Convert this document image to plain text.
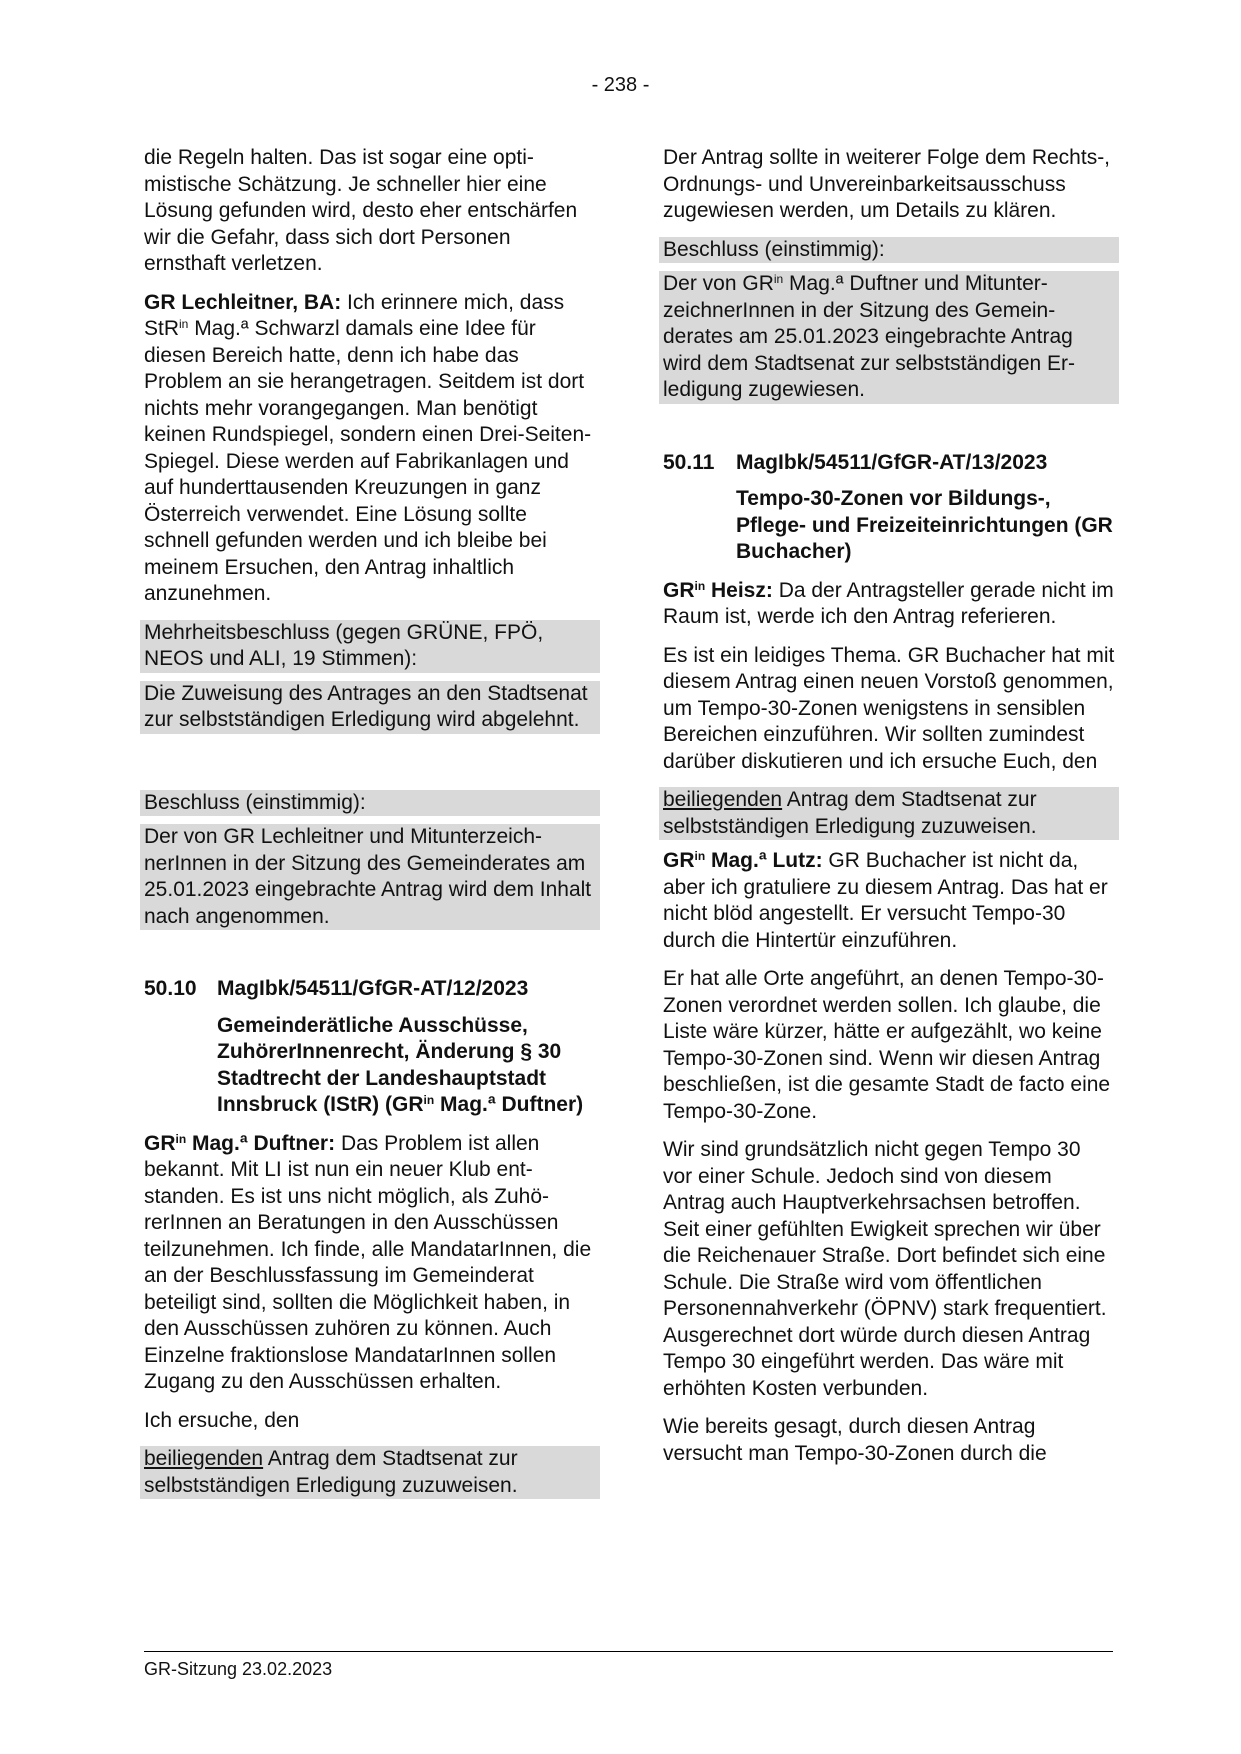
- 238 -

die Regeln halten. Das ist sogar eine optimistische Schätzung. Je schneller hier eine Lösung gefunden wird, desto eher entschärfen wir die Gefahr, dass sich dort Personen ernsthaft verletzen.

GR Lechleitner, BA: Ich erinnere mich, dass StR$^{in}$ Mag.ª Schwarzl damals eine Idee für diesen Bereich hatte, denn ich habe das Problem an sie herangetragen. Seitdem ist dort nichts mehr vorangegangen. Man benötigt keinen Rundspiegel, sondern einen Drei-Seiten-Spiegel. Diese werden auf Fabrikanlagen und auf hunderttausenden Kreuzungen in ganz Österreich verwendet. Eine Lösung sollte schnell gefunden werden und ich bleibe bei meinem Ersuchen, den Antrag inhaltlich anzunehmen.

Mehrheitsbeschluss (gegen GRÜNE, FPÖ, NEOS und ALI, 19 Stimmen):
Die Zuweisung des Antrages an den Stadtsenat zur selbstständigen Erledigung wird abgelehnt.
Beschluss (einstimmig):
Der von GR Lechleitner und MitunterzeichnerInnen in der Sitzung des Gemeinderates am 25.01.2023 eingebrachte Antrag wird dem Inhalt nach angenommen.
50.10 MagIbk/54511/GfGR-AT/12/2023
Gemeinderätliche Ausschüsse, ZuhörerInnenrecht, Änderung § 30 Stadtrecht der Landeshauptstadt Innsbruck (IStR) ($GR^{in}$ Mag.ª Duftner)

$GR^{in}$ Mag.ª Duftner: Das Problem ist allen bekannt. Mit LI ist nun ein neuer Klub entstanden. Es ist uns nicht möglich, als ZuhörerInnen an Beratungen in den Ausschüssen teilzunehmen. Ich finde, alle MandatarInnen, die an der Beschlussfassung im Gemeinderat beteiligt sind, sollten die Möglichkeit haben, in den Ausschüssen zuhören zu können. Auch Einzelne fraktionslose MandatarInnen sollen Zugang zu den Ausschüssen erhalten.

Ich ersuche, den

beiliegenden Antrag dem Stadtsenat zur selbstständigen Erledigung zuzuweisen.

Der Antrag sollte in weiterer Folge dem Rechts-, Ordnungs- und Unvereinbarkeitsausschuss zugewiesen werden, um Details zu klären.

Beschluss (einstimmig):
Der von $GR^{in}$ Mag.ª Duftner und MitunterzeichnerInnen in der Sitzung des Gemeinderates am 25.01.2023 eingebrachte Antrag wird dem Stadtsenat zur selbstständigen Erledigung zugewiesen.
50.11	MagIbk/54511/GfGR-AT/13/2023
Tempo-30-Zonen vor Bildungs-, Pflege- und Freizeiteinrichtungen (GR Buchacher)

$GR^{in}$ Heisz: Da der Antragsteller gerade nicht im Raum ist, werde ich den Antrag referieren.

Es ist ein leidiges Thema. GR Buchacher hat mit diesem Antrag einen neuen Vorstoß genommen, um Tempo-30-Zonen wenigstens in sensiblen Bereichen einzuführen. Wir sollten zumindest darüber diskutieren und ich ersuche Euch, den

beiliegenden Antrag dem Stadtsenat zur selbstständigen Erledigung zuzuweisen.

$GR^{in}$ Mag.ª Lutz: GR Buchacher ist nicht da, aber ich gratuliere zu diesem Antrag. Das hat er nicht blöd angestellt. Er versucht Tempo-30 durch die Hintertür einzuführen.

Er hat alle Orte angeführt, an denen Tempo-30-Zonen verordnet werden sollen. Ich glaube, die Liste wäre kürzer, hätte er aufgezählt, wo keine Tempo-30-Zonen sind. Wenn wir diesen Antrag beschließen, ist die gesamte Stadt de facto eine Tempo-30-Zone.

Wir sind grundsätzlich nicht gegen Tempo 30 vor einer Schule. Jedoch sind von diesem Antrag auch Hauptverkehrsachsen betroffen. Seit einer gefühlten Ewigkeit sprechen wir über die Reichenauer Straße. Dort befindet sich eine Schule. Die Straße wird vom öffentlichen Personennahverkehr (ÖPNV) stark frequentiert. Ausgerechnet dort würde durch diesen Antrag Tempo 30 eingeführt werden. Das wäre mit erhöhten Kosten verbunden.

Wie bereits gesagt, durch diesen Antrag versucht man Tempo-30-Zonen durch die

GR-Sitzung 23.02.2023
